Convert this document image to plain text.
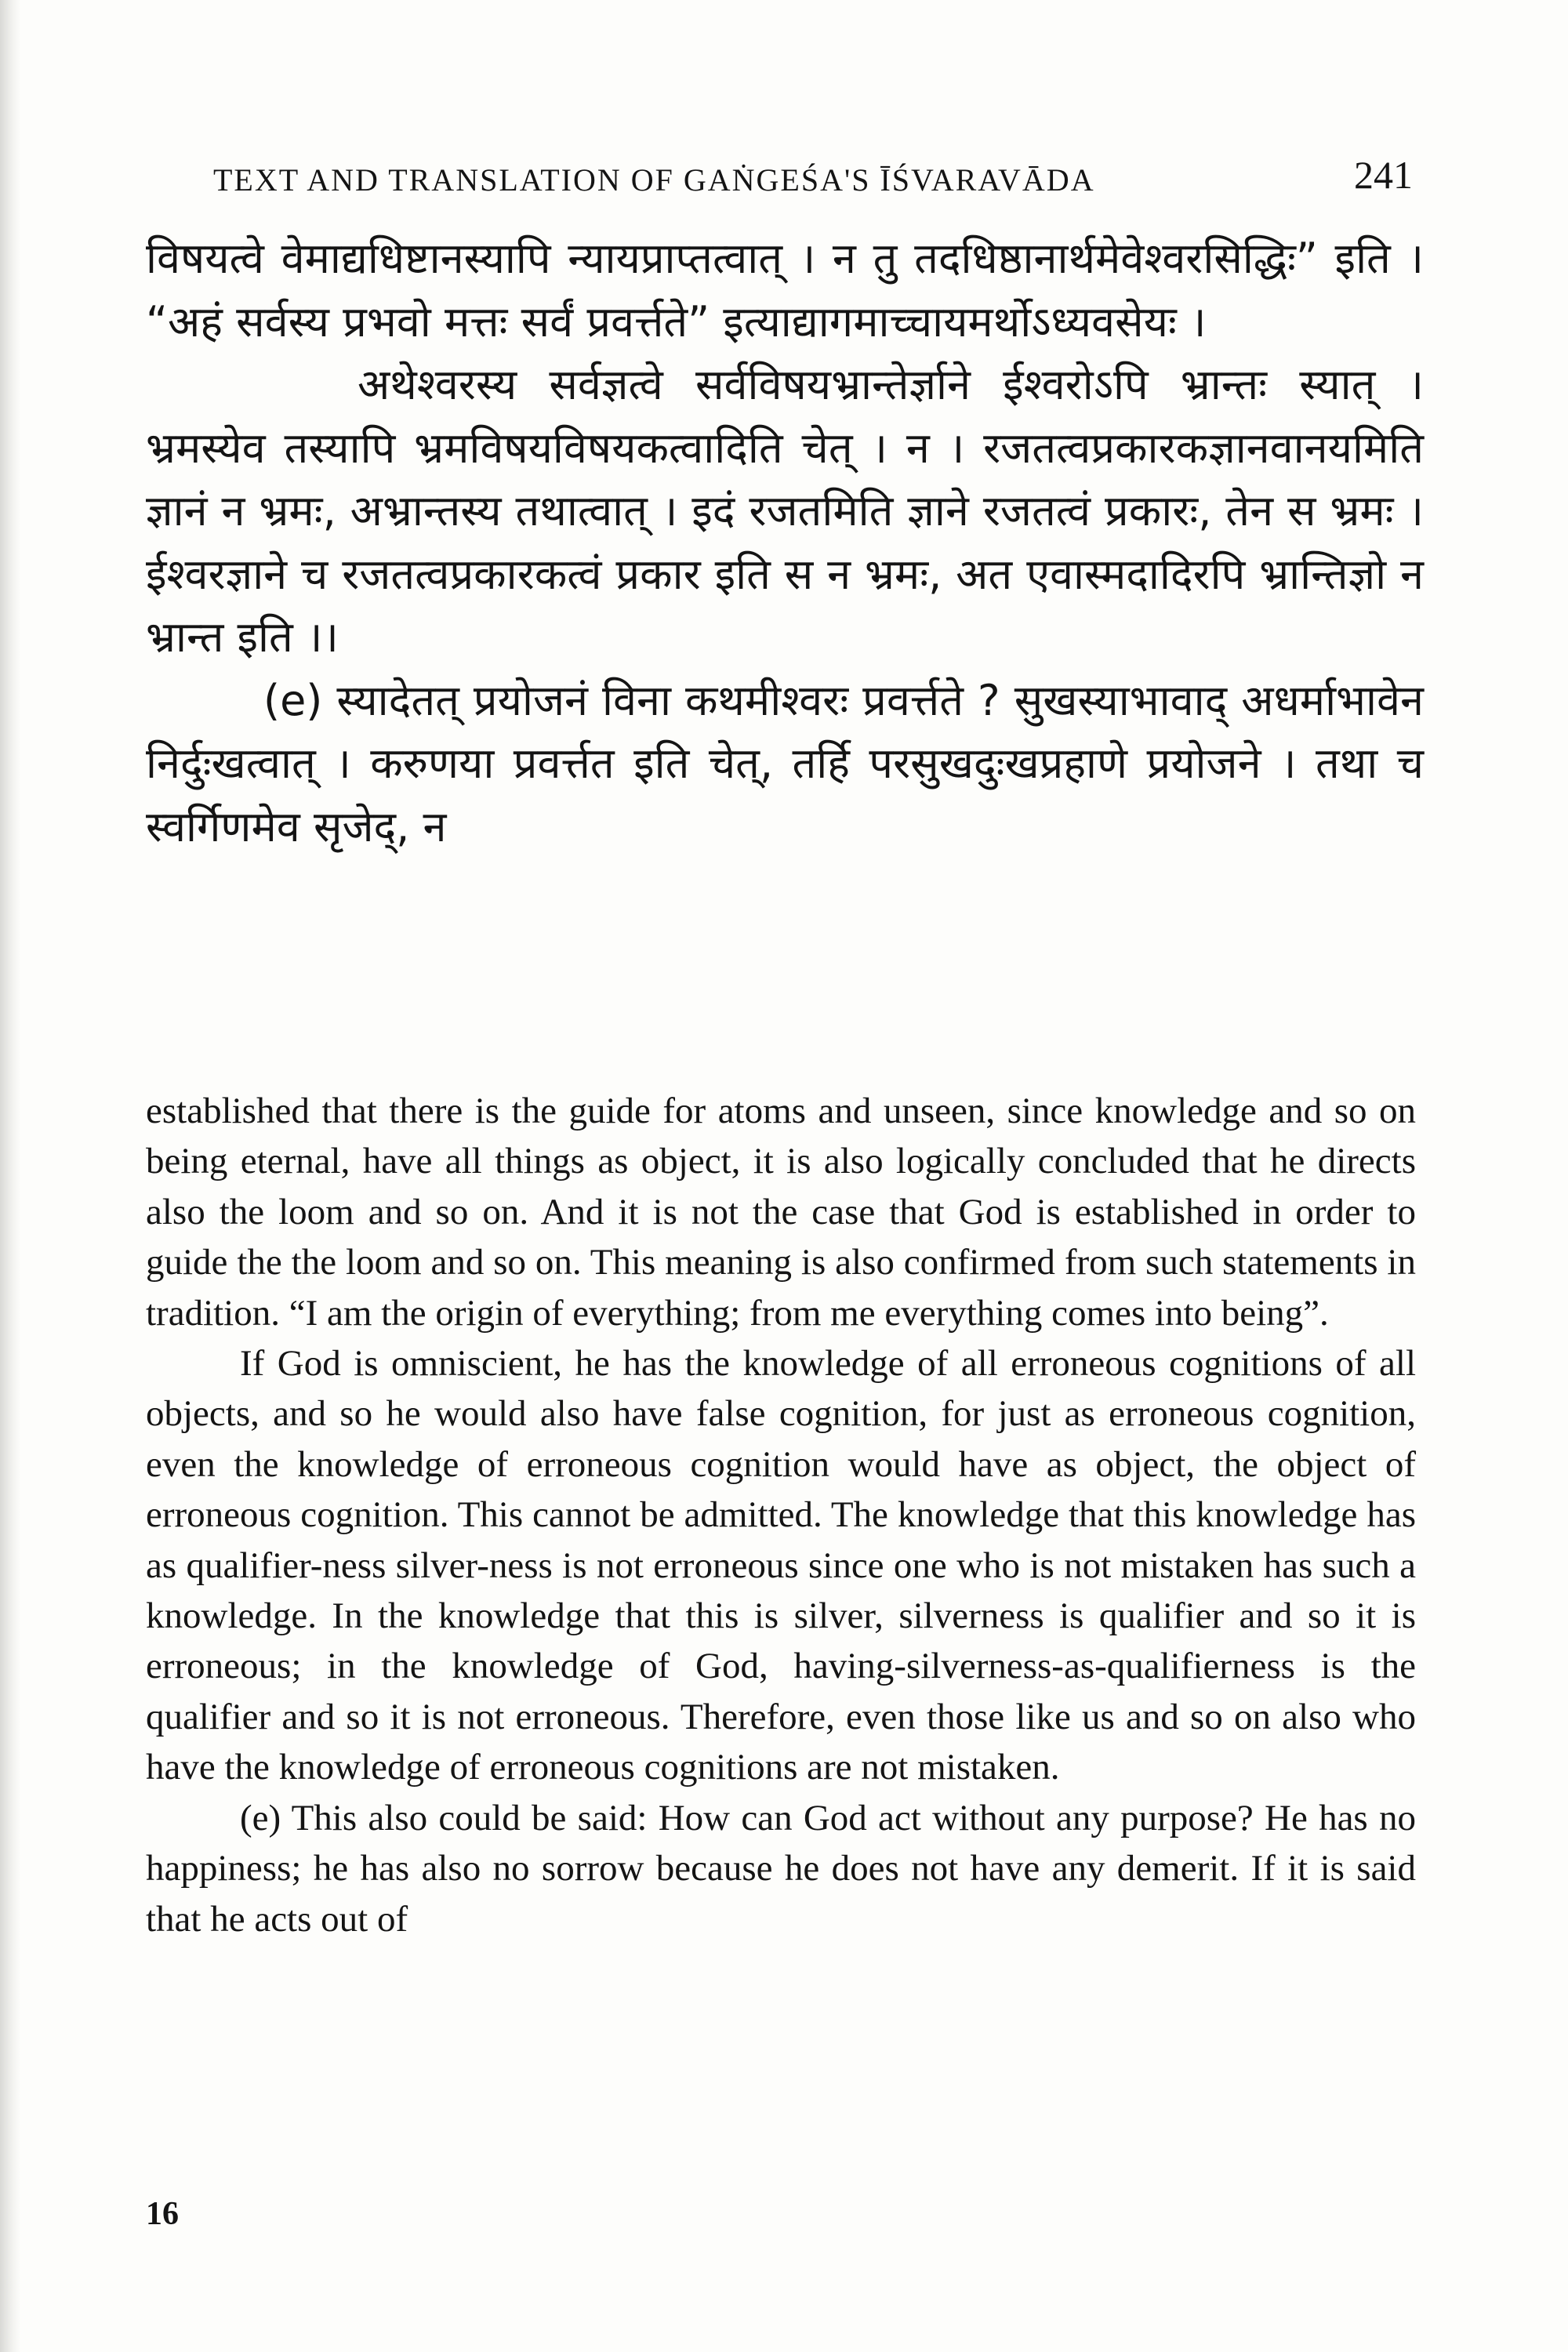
TEXT AND TRANSLATION OF GAṄGEŚA'S ĪŚVARAVĀDA	241

विषयत्वे वेमाद्यधिष्टानस्यापि न्यायप्राप्तत्वात् । न तु तदधिष्ठानार्थमेवेश्वरसिद्धिः” इति । “अहं सर्वस्य प्रभवो मत्तः सर्वं प्रवर्त्तते” इत्याद्यागमाच्चायमर्थोऽध्यवसेयः ।

अथेश्वरस्य सर्वज्ञत्वे सर्वविषयभ्रान्तेर्ज्ञाने ईश्वरोऽपि भ्रान्तः स्यात् । भ्रमस्येव तस्यापि भ्रमविषयविषयकत्वादिति चेत् । न । रजतत्वप्रकारकज्ञानवानयमिति ज्ञानं न भ्रमः, अभ्रान्तस्य तथात्वात् । इदं रजतमिति ज्ञाने रजतत्वं प्रकारः, तेन स भ्रमः । ईश्वरज्ञाने च रजतत्वप्रकारकत्वं प्रकार इति स न भ्रमः, अत एवास्मदादिरपि भ्रान्तिज्ञो न भ्रान्त इति ।।

(e) स्यादेतत् प्रयोजनं विना कथमीश्वरः प्रवर्त्तते ? सुखस्याभावाद् अधर्माभावेन निर्दुःखत्वात् । करुणया प्रवर्त्तत इति चेत्, तर्हि परसुखदुःखप्रहाणे प्रयोजने । तथा च स्वर्गिणमेव सृजेद्, न

established that there is the guide for atoms and unseen, since knowledge and so on being eternal, have all things as object, it is also logically concluded that he directs also the loom and so on. And it is not the case that God is established in order to guide the the loom and so on. This meaning is also confirmed from such statements in tradition. “I am the origin of everything; from me everything comes into being”.

If God is omniscient, he has the knowledge of all erroneous cognitions of all objects, and so he would also have false cognition, for just as erroneous cognition, even the knowledge of erroneous cognition would have as object, the object of erroneous cognition. This cannot be admitted. The knowledge that this knowledge has as qualifier-ness silver-ness is not erroneous since one who is not mistaken has such a knowledge. In the knowledge that this is silver, silverness is qualifier and so it is erroneous; in the knowledge of God, having-silverness-as-qualifierness is the qualifier and so it is not erroneous. Therefore, even those like us and so on also who have the knowledge of erroneous cognitions are not mistaken.

(e) This also could be said: How can God act without any purpose? He has no happiness; he has also no sorrow because he does not have any demerit. If it is said that he acts out of

16
